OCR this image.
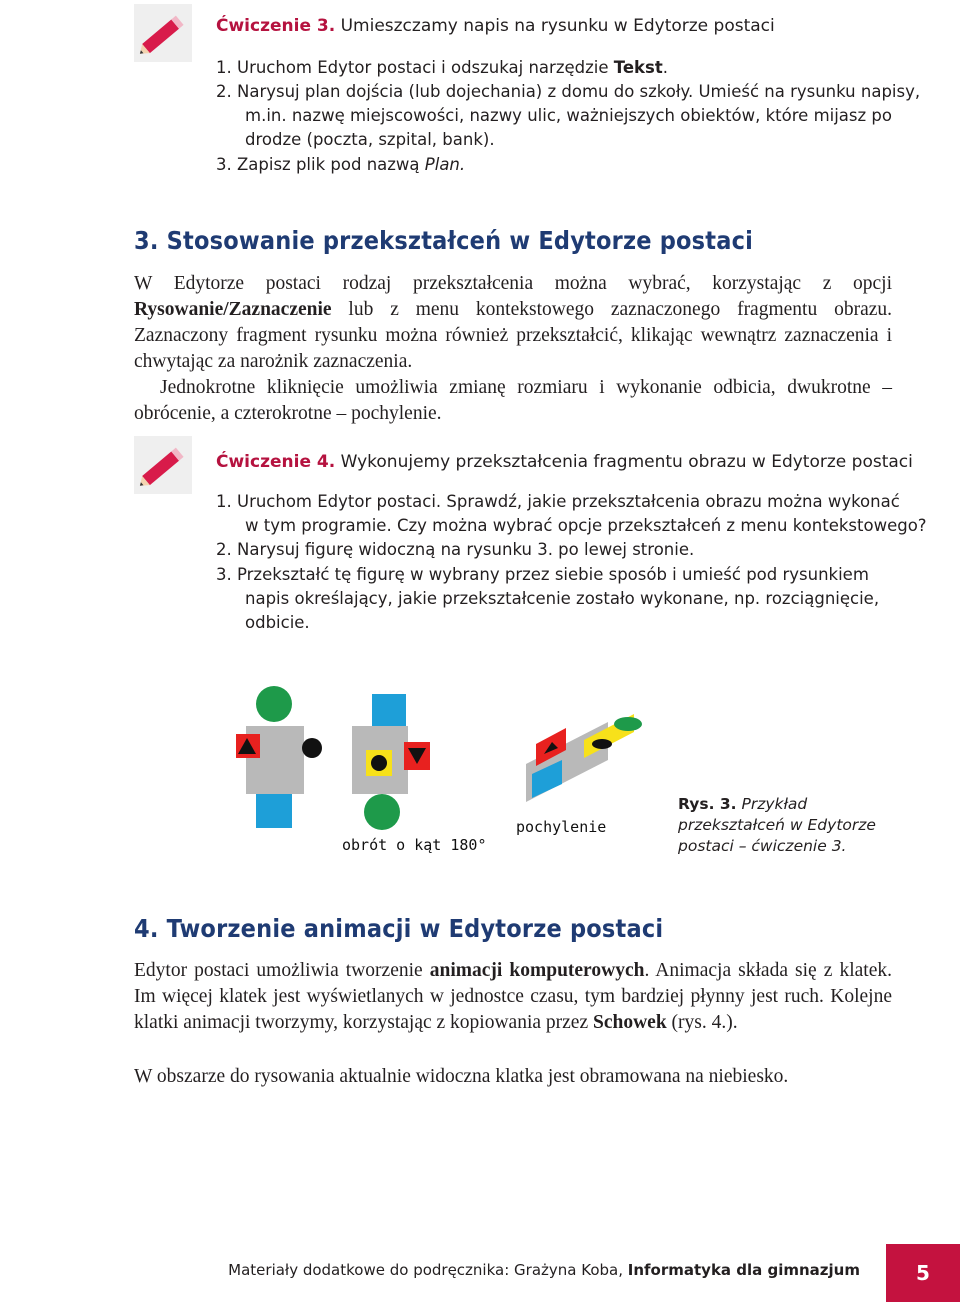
Ćwiczenie 3. Umieszczamy napis na rysunku w Edytorze postaci
1. Uruchom Edytor postaci i odszukaj narzędzie Tekst.
2. Narysuj plan dojścia (lub dojechania) z domu do szkoły. Umieść na rysunku napisy,
m.in. nazwę miejscowości, nazwy ulic, ważniejszych obiektów, które mijasz po
drodze (poczta, szpital, bank).
3. Zapisz plik pod nazwą Plan.
3. Stosowanie przekształceń w Edytorze postaci
W Edytorze postaci rodzaj przekształcenia można wybrać, korzystając z opcji Rysowanie/Zaznaczenie lub z menu kontekstowego zaznaczonego fragmentu obrazu. Zaznaczony fragment rysunku można również przekształcić, klikając wewnątrz zaznaczenia i chwytając za narożnik zaznaczenia.
Jednokrotne kliknięcie umożliwia zmianę rozmiaru i wykonanie odbicia, dwukrotne – obrócenie, a czterokrotne – pochylenie.
Ćwiczenie 4. Wykonujemy przekształcenia fragmentu obrazu w Edytorze postaci
1. Uruchom Edytor postaci. Sprawdź, jakie przekształcenia obrazu można wykonać
w tym programie. Czy można wybrać opcje przekształceń z menu kontekstowego?
2. Narysuj figurę widoczną na rysunku 3. po lewej stronie.
3. Przekształć tę figurę w wybrany przez siebie sposób i umieść pod rysunkiem
napis określający, jakie przekształcenie zostało wykonane, np. rozciągnięcie,
odbicie.
obrót o kąt 180°
pochylenie
Rys. 3. Przykład przekształceń w Edytorze postaci – ćwiczenie 3.
4. Tworzenie animacji w Edytorze postaci
Edytor postaci umożliwia tworzenie animacji komputerowych. Animacja składa się z klatek. Im więcej klatek jest wyświetlanych w jednostce czasu, tym bardziej płynny jest ruch. Kolejne klatki animacji tworzymy, korzystając z kopiowania przez Schowek (rys. 4.).
W obszarze do rysowania aktualnie widoczna klatka jest obramowana na niebiesko.
Materiały dodatkowe do podręcznika: Grażyna Koba, Informatyka dla gimnazjum	5
